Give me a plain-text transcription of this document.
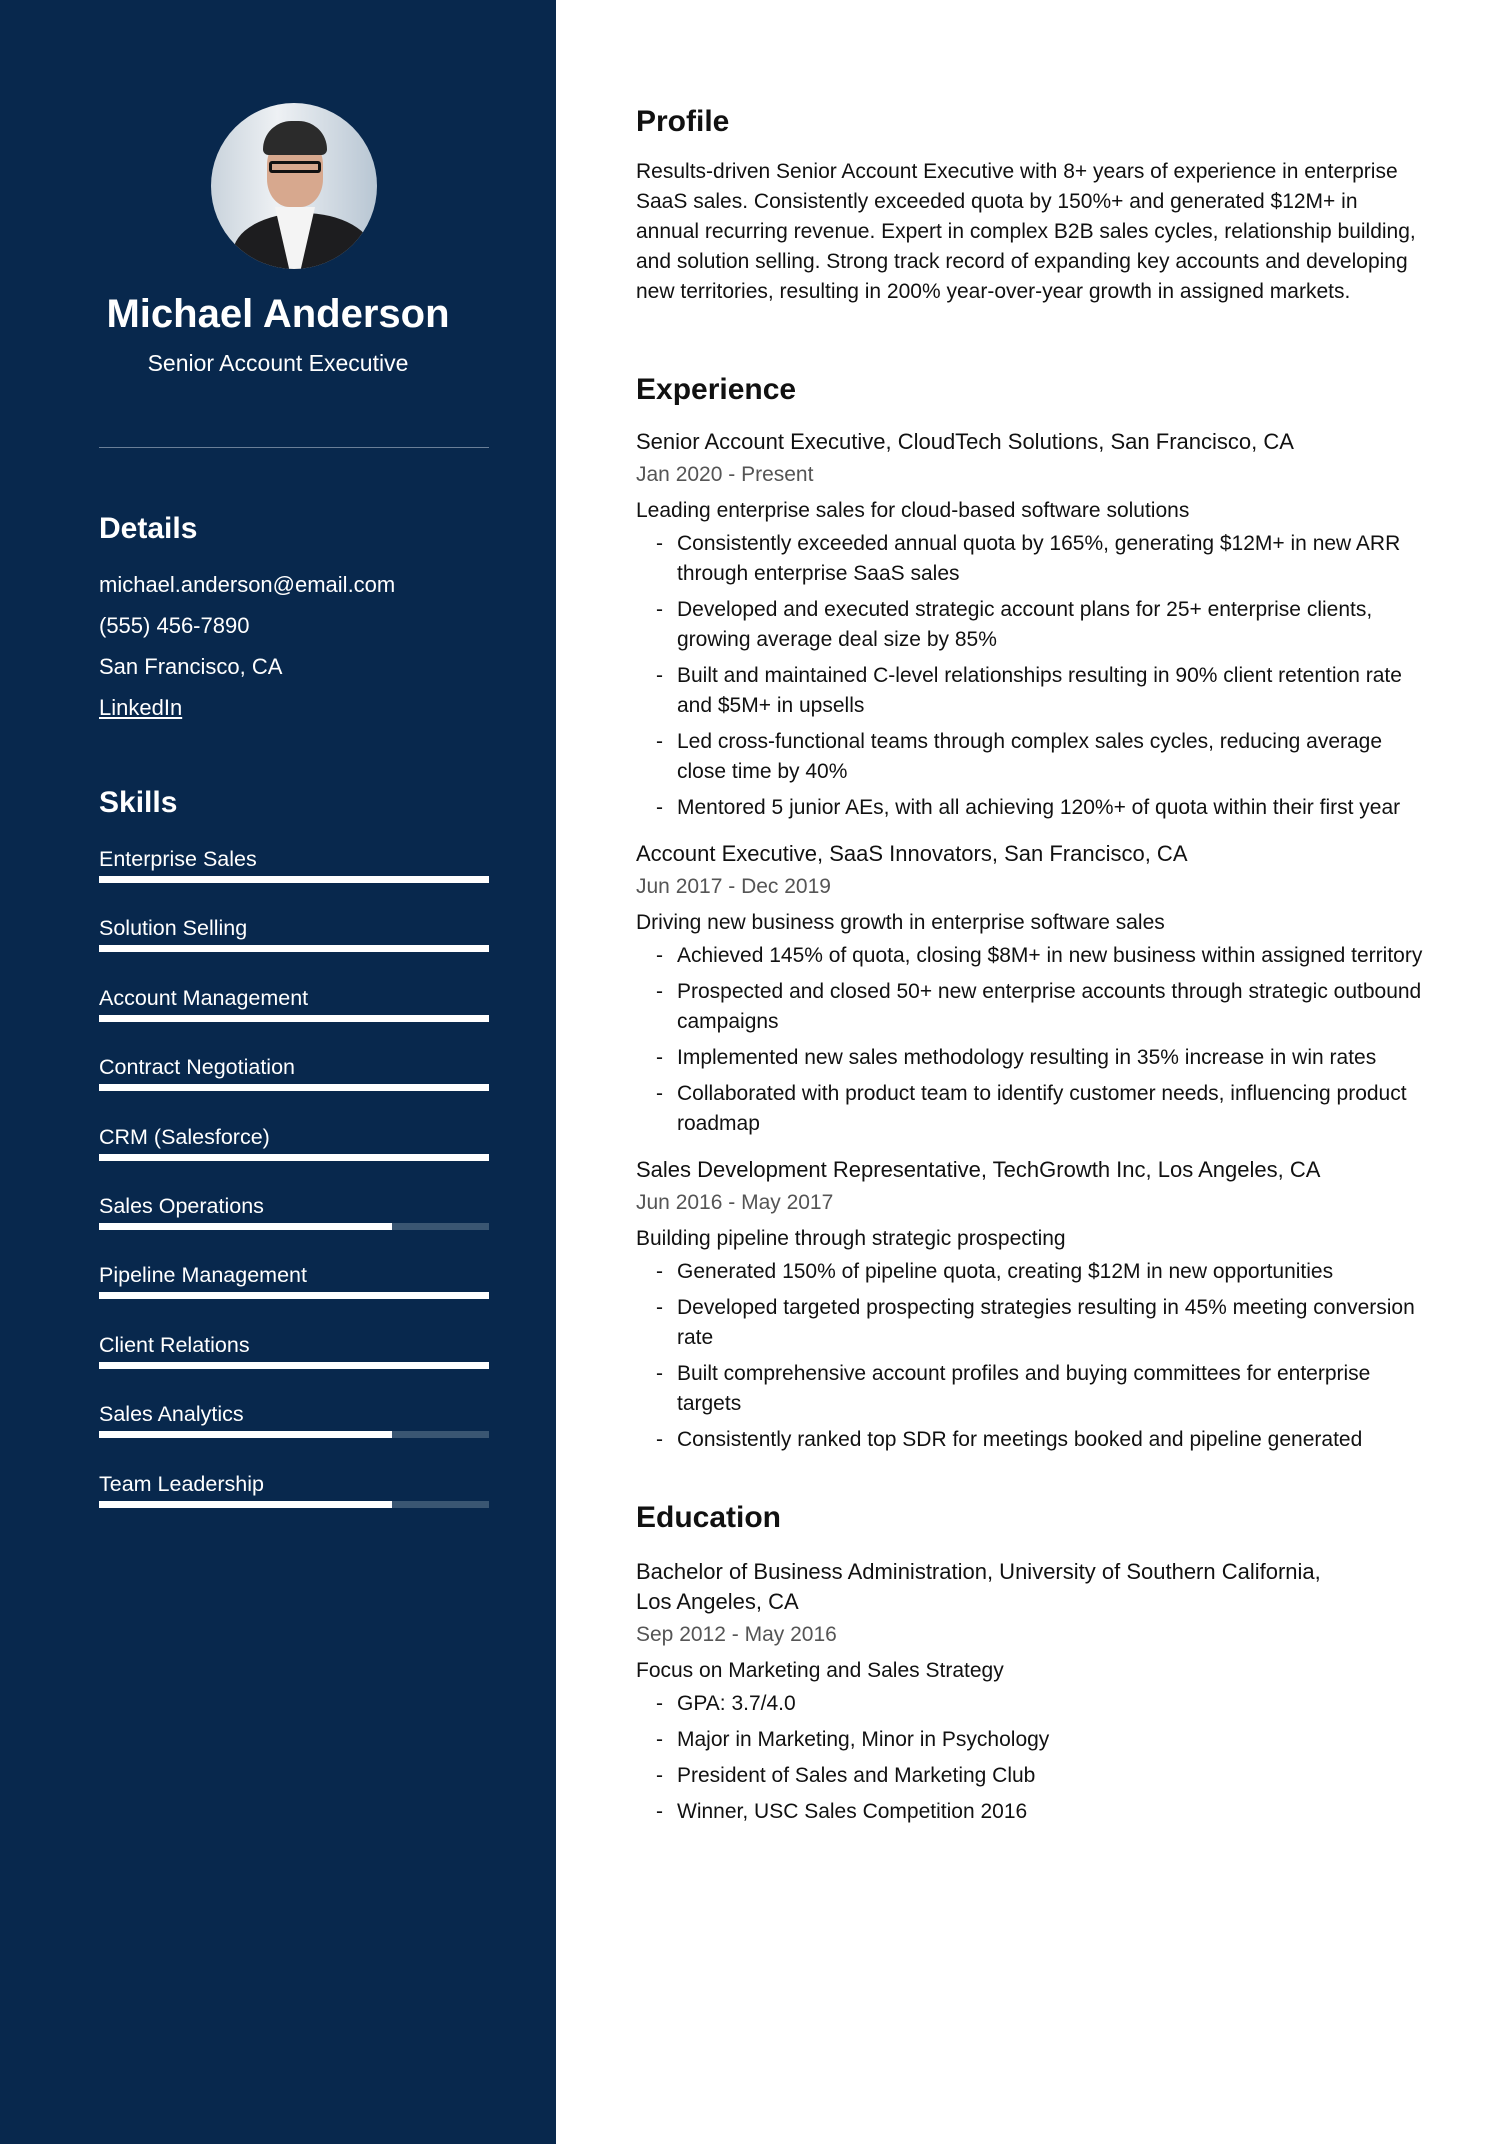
Michael Anderson
Senior Account Executive
Details
michael.anderson@email.com
(555) 456-7890
San Francisco, CA
LinkedIn
Skills
Enterprise Sales
Solution Selling
Account Management
Contract Negotiation
CRM (Salesforce)
Sales Operations
Pipeline Management
Client Relations
Sales Analytics
Team Leadership
Profile

Results-driven Senior Account Executive with 8+ years of experience in enterprise SaaS sales. Consistently exceeded quota by 150%+ and generated $12M+ in annual recurring revenue. Expert in complex B2B sales cycles, relationship building, and solution selling. Strong track record of expanding key accounts and developing new territories, resulting in 200% year-over-year growth in assigned markets.

Experience
Senior Account Executive, CloudTech Solutions, San Francisco, CA
Jan 2020 - Present
Leading enterprise sales for cloud-based software solutions
- Consistently exceeded annual quota by 165%, generating $12M+ in new ARR through enterprise SaaS sales
- Developed and executed strategic account plans for 25+ enterprise clients, growing average deal size by 85%
- Built and maintained C-level relationships resulting in 90% client retention rate and $5M+ in upsells
- Led cross-functional teams through complex sales cycles, reducing average close time by 40%
- Mentored 5 junior AEs, with all achieving 120%+ of quota within their first year
Account Executive, SaaS Innovators, San Francisco, CA
Jun 2017 - Dec 2019
Driving new business growth in enterprise software sales
- Achieved 145% of quota, closing $8M+ in new business within assigned territory
- Prospected and closed 50+ new enterprise accounts through strategic outbound campaigns
- Implemented new sales methodology resulting in 35% increase in win rates
- Collaborated with product team to identify customer needs, influencing product roadmap
Sales Development Representative, TechGrowth Inc, Los Angeles, CA
Jun 2016 - May 2017
Building pipeline through strategic prospecting
- Generated 150% of pipeline quota, creating $12M in new opportunities
- Developed targeted prospecting strategies resulting in 45% meeting conversion rate
- Built comprehensive account profiles and buying committees for enterprise targets
- Consistently ranked top SDR for meetings booked and pipeline generated
Education
Bachelor of Business Administration, University of Southern California, Los Angeles, CA
Sep 2012 - May 2016
Focus on Marketing and Sales Strategy
- GPA: 3.7/4.0
- Major in Marketing, Minor in Psychology
- President of Sales and Marketing Club
- Winner, USC Sales Competition 2016
